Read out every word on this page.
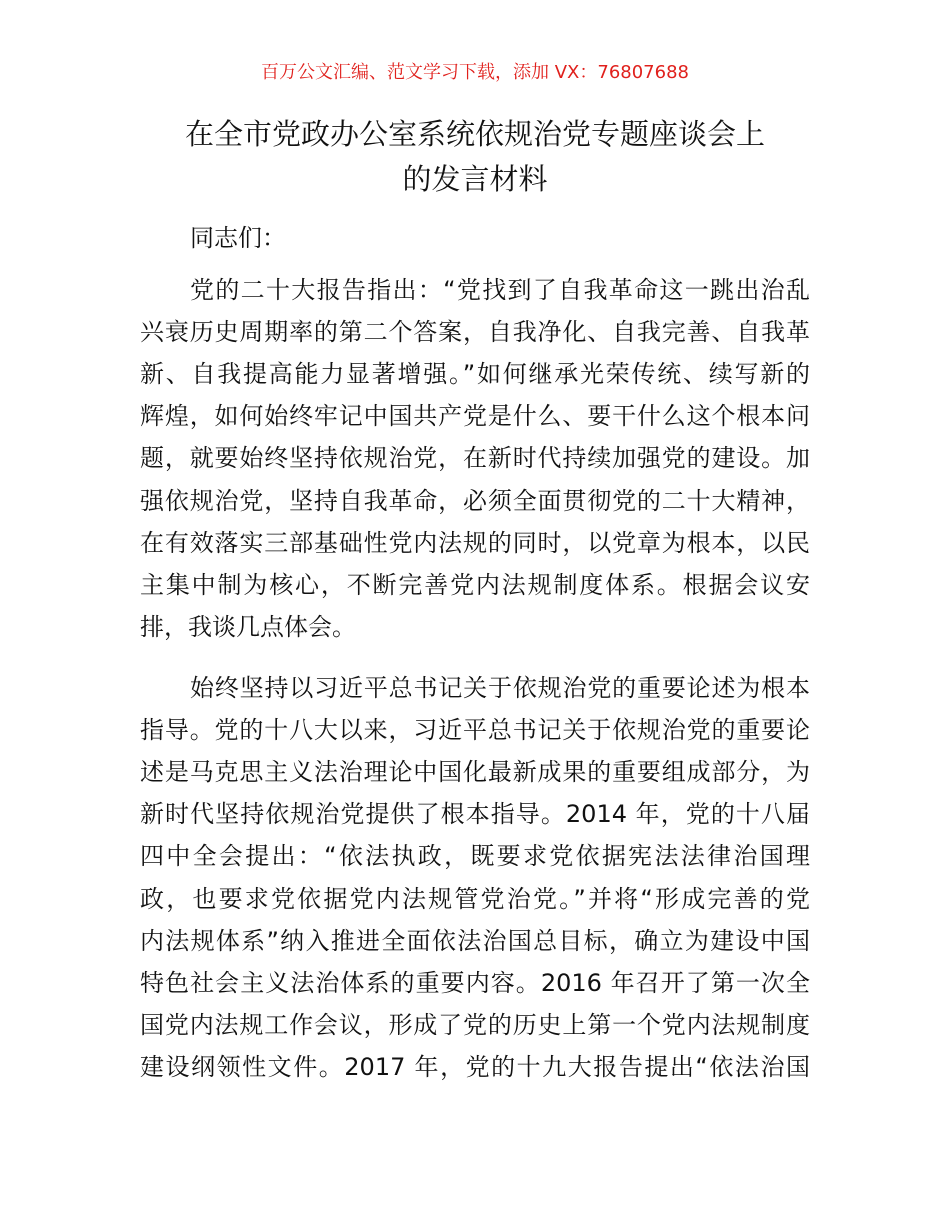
百万公文汇编、范文学习下载，添加 VX：76807688
在全市党政办公室系统依规治党专题座谈会上
的发言材料
同志们：
党的二十大报告指出：“党找到了自我革命这一跳出治乱
兴衰历史周期率的第二个答案，自我净化、自我完善、自我革
新、自我提高能力显著增强。”如何继承光荣传统、续写新的
辉煌，如何始终牢记中国共产党是什么、要干什么这个根本问
题，就要始终坚持依规治党，在新时代持续加强党的建设。加
强依规治党，坚持自我革命，必须全面贯彻党的二十大精神，
在有效落实三部基础性党内法规的同时，以党章为根本，以民
主集中制为核心，不断完善党内法规制度体系。根据会议安
排，我谈几点体会。
始终坚持以习近平总书记关于依规治党的重要论述为根本
指导。党的十八大以来，习近平总书记关于依规治党的重要论
述是马克思主义法治理论中国化最新成果的重要组成部分，为
新时代坚持依规治党提供了根本指导。2014 年，党的十八届
四中全会提出：“依法执政，既要求党依据宪法法律治国理
政，也要求党依据党内法规管党治党。”并将“形成完善的党
内法规体系”纳入推进全面依法治国总目标，确立为建设中国
特色社会主义法治体系的重要内容。2016 年召开了第一次全
国党内法规工作会议，形成了党的历史上第一个党内法规制度
建设纲领性文件。2017 年，党的十九大报告提出“依法治国
